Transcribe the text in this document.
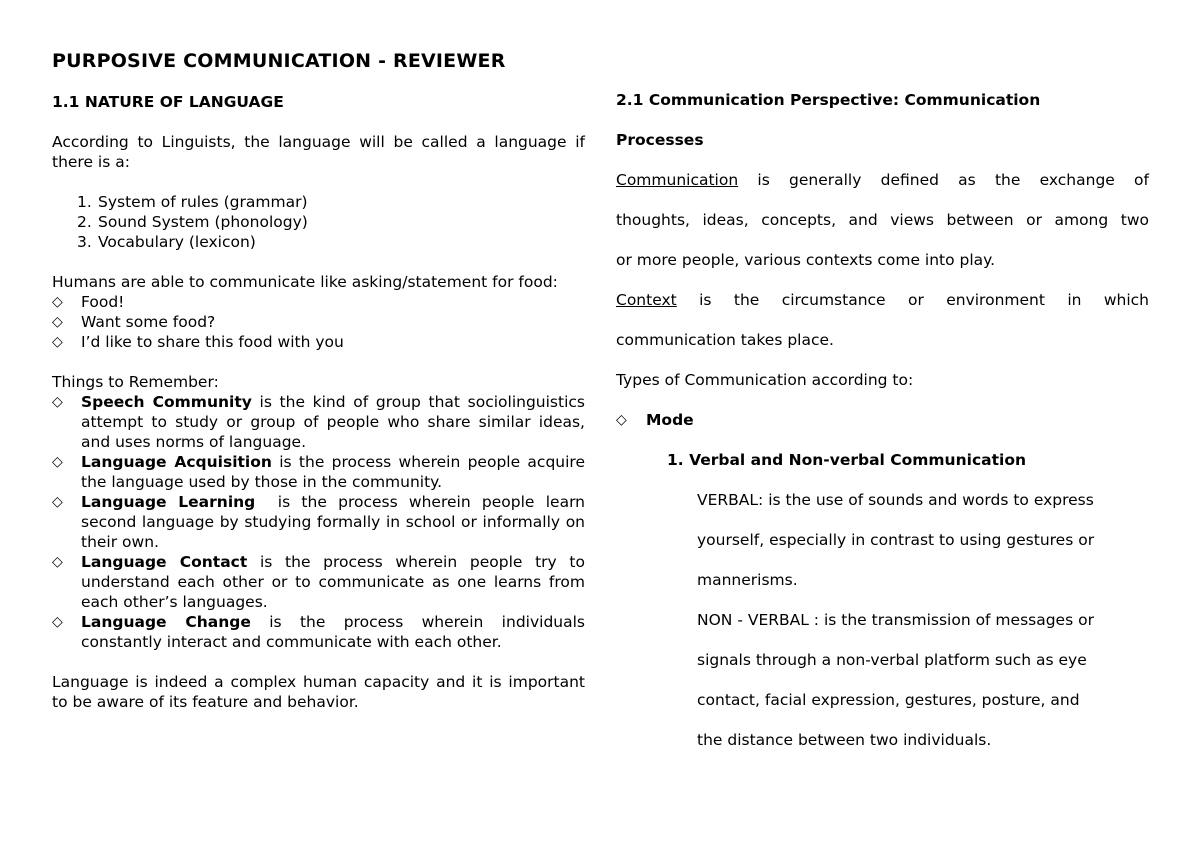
PURPOSIVE COMMUNICATION - REVIEWER
1.1 NATURE OF LANGUAGE
According to Linguists, the language will be called a language if there is a:
1. System of rules (grammar)
2. Sound System (phonology)
3. Vocabulary (lexicon)
Humans are able to communicate like asking/statement for food:
◇	Food!
◇	Want some food?
◇	I’d like to share this food with you
Things to Remember:
◇	Speech Community is the kind of group that sociolinguistics attempt to study or group of people who share similar ideas, and uses norms of language.
◇	Language Acquisition is the process wherein people acquire the language used by those in the community.
◇	Language Learning  is the process wherein people learn second language by studying formally in school or informally on their own.
◇	Language Contact is the process wherein people try to understand each other or to communicate as one learns from each other’s languages.
◇	Language Change is the process wherein individuals constantly interact and communicate with each other.
Language is indeed a complex human capacity and it is important to be aware of its feature and behavior.
2.1 Communication Perspective: Communication
Processes
Communication is generally defined as the exchange of
thoughts, ideas, concepts, and views between or among two
or more people, various contexts come into play.
Context is the circumstance or environment in which
communication takes place.
Types of Communication according to:
◇	Mode
1. Verbal and Non-verbal Communication
VERBAL: is the use of sounds and words to express
yourself, especially in contrast to using gestures or
mannerisms.
NON - VERBAL : is the transmission of messages or
signals through a non-verbal platform such as eye
contact, facial expression, gestures, posture, and
the distance between two individuals.
